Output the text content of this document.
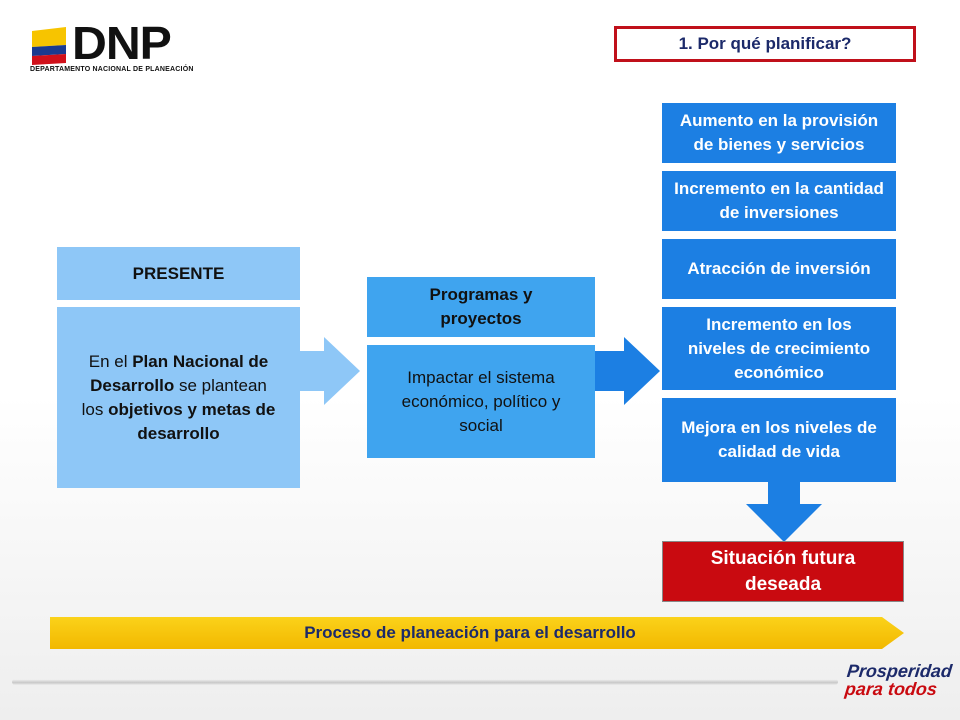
DNP
DEPARTAMENTO NACIONAL DE PLANEACIÓN
1. Por qué planificar?
PRESENTE
En el Plan Nacional de Desarrollo se plantean los objetivos y metas de desarrollo
Programas y proyectos
Impactar el sistema económico, político y social
Aumento en la provisión de bienes y servicios
Incremento en la cantidad de inversiones
Atracción de inversión
Incremento en los niveles de crecimiento económico
Mejora en los niveles de calidad de vida
Situación futura deseada
Proceso de planeación para el desarrollo
Prosperidad
para todos
